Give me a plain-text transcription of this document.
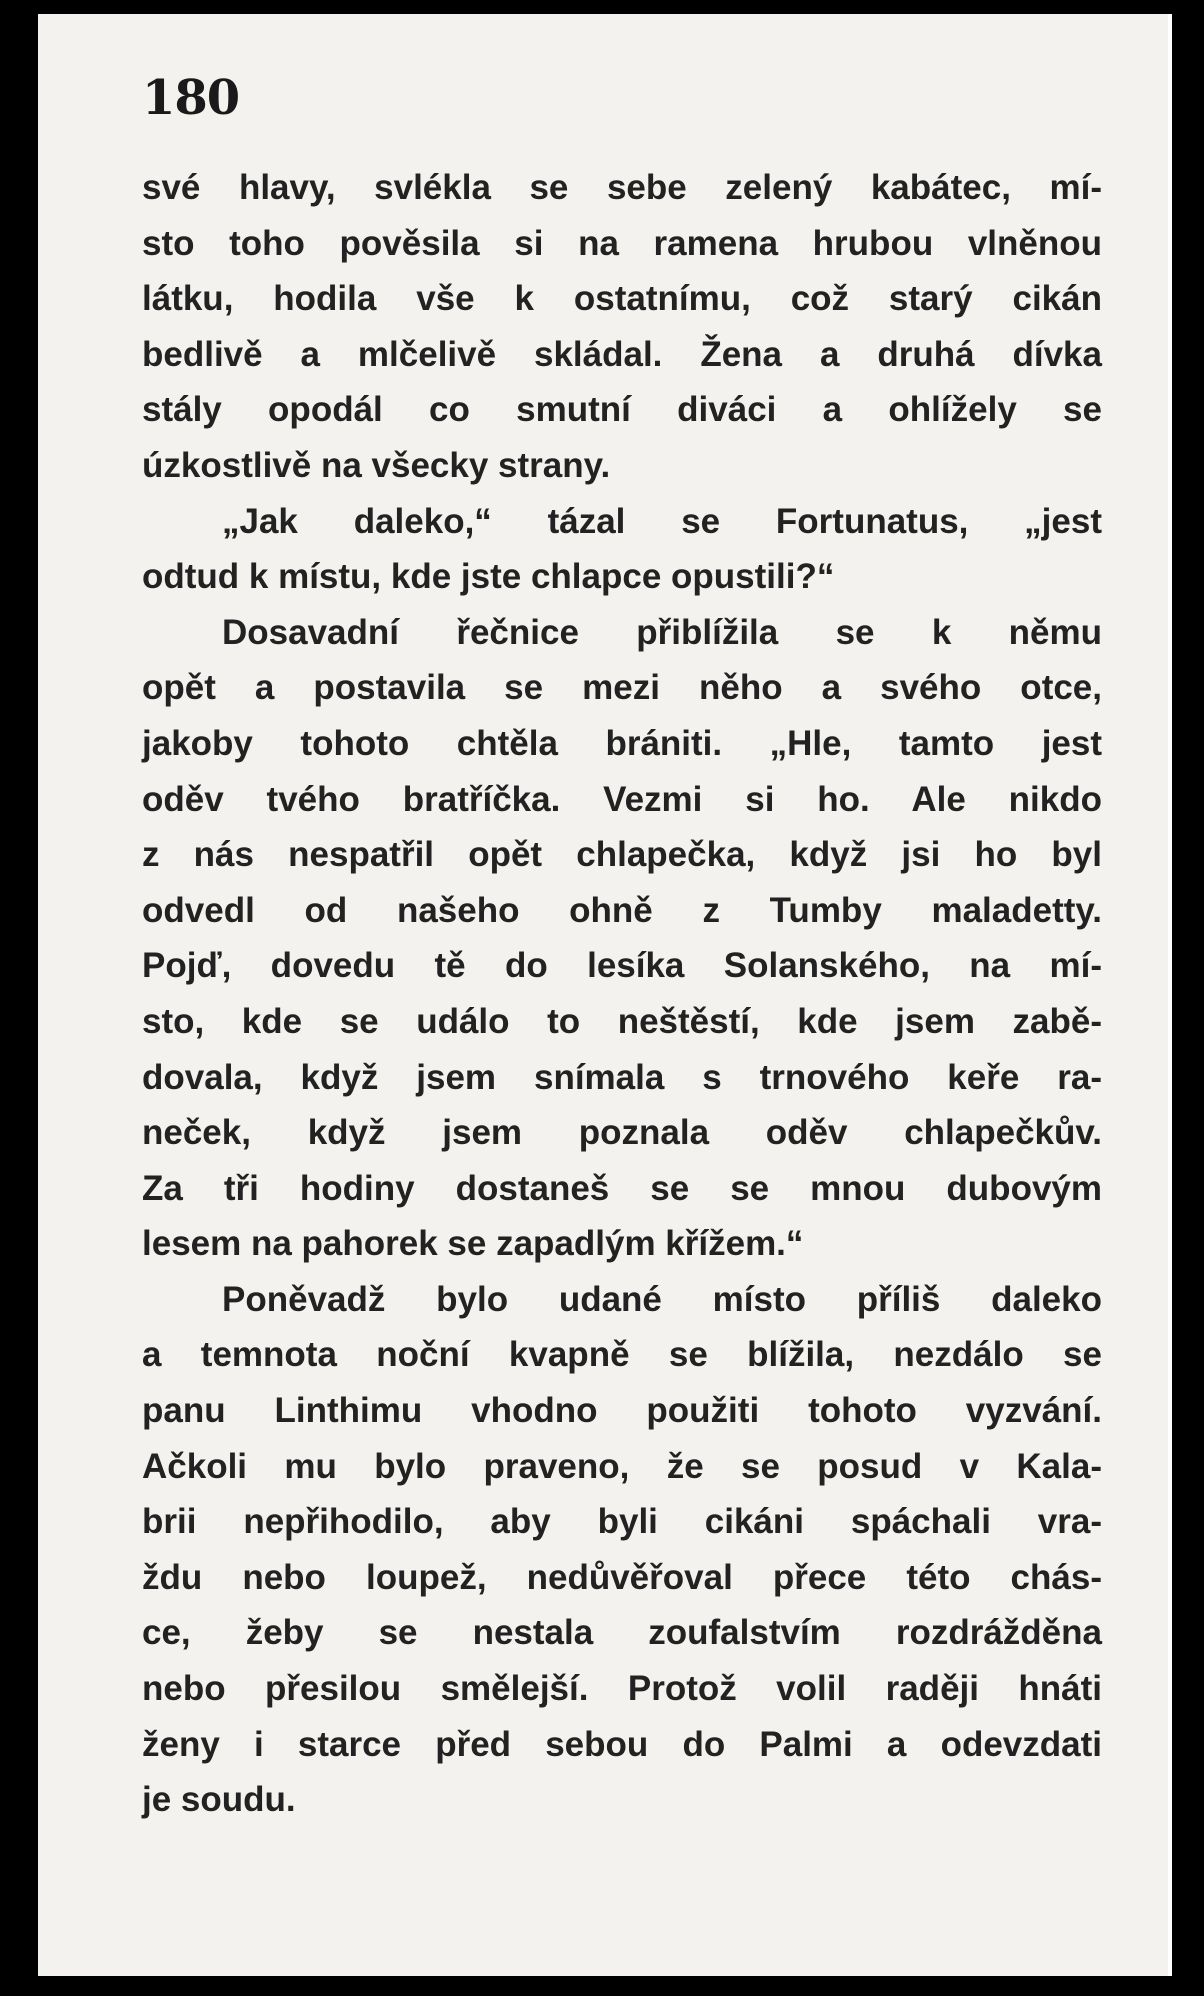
180
své hlavy, svlékla se sebe zelený kabátec, mí-
sto toho pověsila si na ramena hrubou vlněnou
látku, hodila vše k ostatnímu, což starý cikán
bedlivě a mlčelivě skládal. Žena a druhá dívka
stály opodál co smutní diváci a ohlížely se
úzkostlivě na všecky strany.
„Jak daleko,“ tázal se Fortunatus, „jest
odtud k místu, kde jste chlapce opustili?“
Dosavadní řečnice přiblížila se k němu
opět a postavila se mezi něho a svého otce,
jakoby tohoto chtěla brániti. „Hle, tamto jest
oděv tvého bratříčka. Vezmi si ho. Ale nikdo
z nás nespatřil opět chlapečka, když jsi ho byl
odvedl od našeho ohně z Tumby maladetty.
Pojď, dovedu tě do lesíka Solanského, na mí-
sto, kde se událo to neštěstí, kde jsem zabě-
dovala, když jsem snímala s trnového keře ra-
neček, když jsem poznala oděv chlapečkův.
Za tři hodiny dostaneš se se mnou dubovým
lesem na pahorek se zapadlým křížem.“
Poněvadž bylo udané místo příliš daleko
a temnota noční kvapně se blížila, nezdálo se
panu Linthimu vhodno použiti tohoto vyzvání.
Ačkoli mu bylo praveno, že se posud v Kala-
brii nepřihodilo, aby byli cikáni spáchali vra-
ždu nebo loupež, nedůvěřoval přece této chás-
ce, žeby se nestala zoufalstvím rozdrážděna
nebo přesilou smělejší. Protož volil raději hnáti
ženy i starce před sebou do Palmi a odevzdati
je soudu.
